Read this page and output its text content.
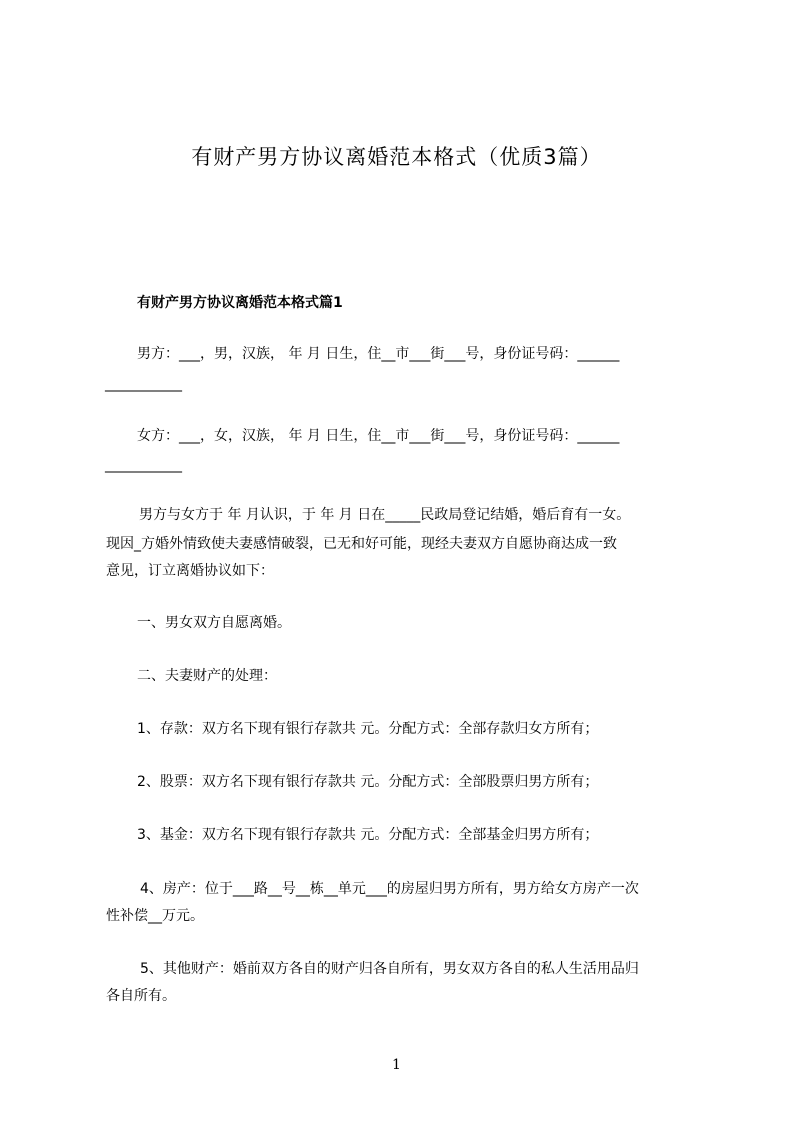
有财产男方协议离婚范本格式（优质3篇）
有财产男方协议离婚范本格式篇1
男方：___，男，汉族， 年 月 日生，住__市___街___号，身份证号码：______
___________
女方：___，女，汉族， 年 月 日生，住__市___街___号，身份证号码：______
___________
男方与女方于 年 月认识，于 年 月 日在_____民政局登记结婚，婚后育有一女。
现因_方婚外情致使夫妻感情破裂，已无和好可能，现经夫妻双方自愿协商达成一致
意见，订立离婚协议如下：
一、男女双方自愿离婚。
二、夫妻财产的处理：
1、存款：双方名下现有银行存款共 元。分配方式：全部存款归女方所有；
2、股票：双方名下现有银行存款共 元。分配方式：全部股票归男方所有；
3、基金：双方名下现有银行存款共 元。分配方式：全部基金归男方所有；
4、房产：位于___路__号__栋__单元___的房屋归男方所有，男方给女方房产一次
性补偿__万元。
5、其他财产：婚前双方各自的财产归各自所有，男女双方各自的私人生活用品归
各自所有。
1
